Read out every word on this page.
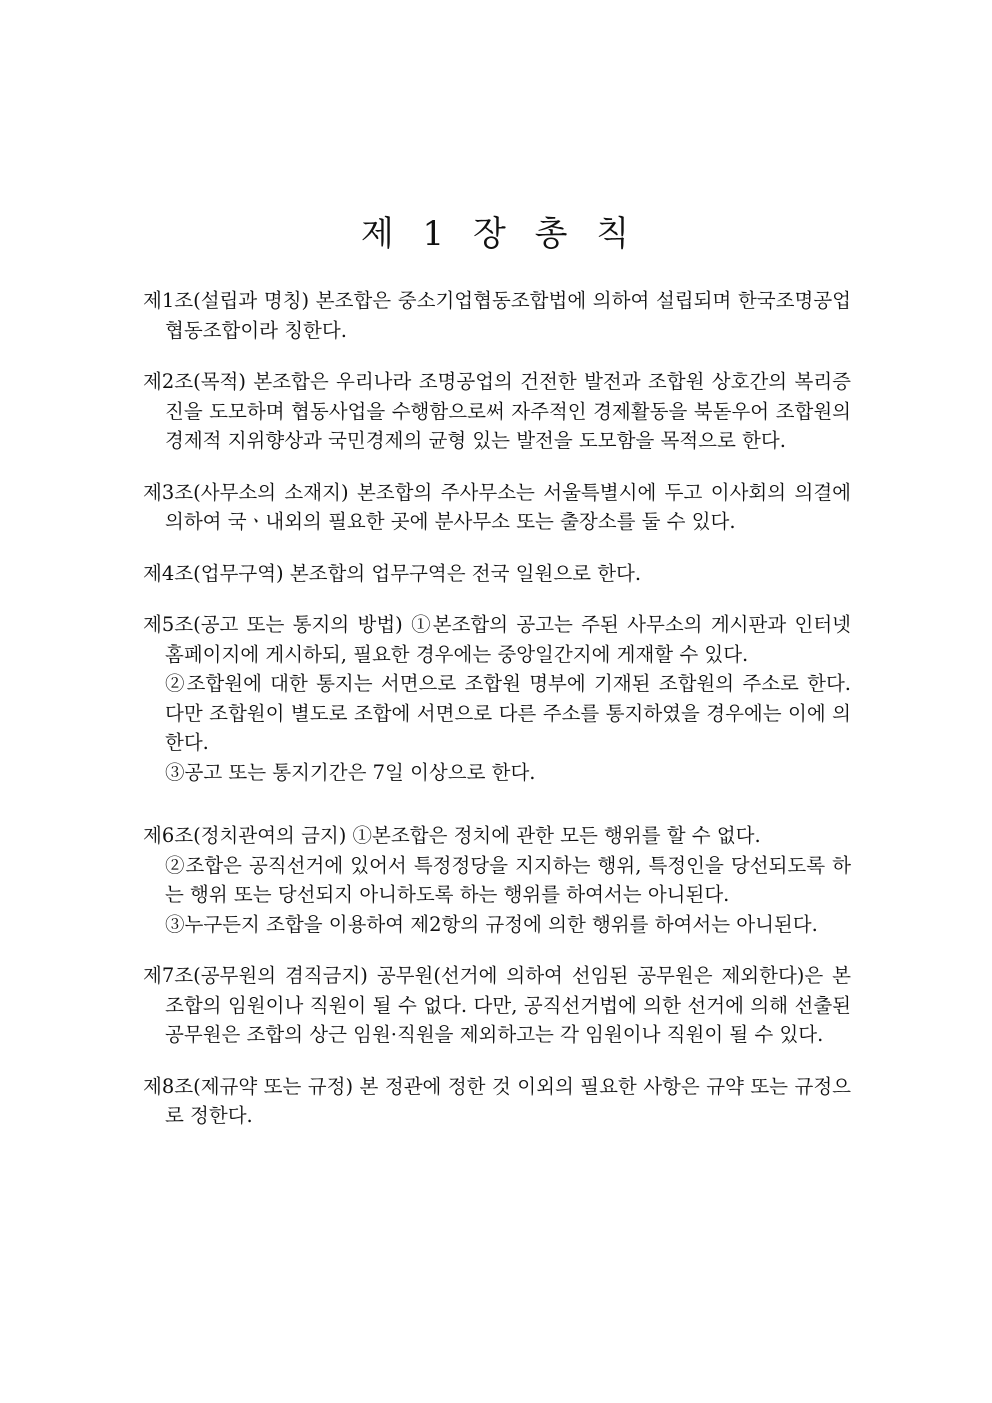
제 1 장 총 칙

제1조(설립과 명칭) 본조합은 중소기업협동조합법에 의하여 설립되며 한국조명공업협동조합이라 칭한다.

제2조(목적) 본조합은 우리나라 조명공업의 건전한 발전과 조합원 상호간의 복리증진을 도모하며 협동사업을 수행함으로써 자주적인 경제활동을 북돋우어 조합원의 경제적 지위향상과 국민경제의 균형 있는 발전을 도모함을 목적으로 한다.

제3조(사무소의 소재지) 본조합의 주사무소는 서울특별시에 두고 이사회의 의결에 의하여 국ㆍ내외의 필요한 곳에 분사무소 또는 출장소를 둘 수 있다.

제4조(업무구역) 본조합의 업무구역은 전국 일원으로 한다.

제5조(공고 또는 통지의 방법) ①본조합의 공고는 주된 사무소의 게시판과 인터넷 홈페이지에 게시하되, 필요한 경우에는 중앙일간지에 게재할 수 있다.

②조합원에 대한 통지는 서면으로 조합원 명부에 기재된 조합원의 주소로 한다. 다만 조합원이 별도로 조합에 서면으로 다른 주소를 통지하였을 경우에는 이에 의한다.

③공고 또는 통지기간은 7일 이상으로 한다.

제6조(정치관여의 금지) ①본조합은 정치에 관한 모든 행위를 할 수 없다.

②조합은 공직선거에 있어서 특정정당을 지지하는 행위, 특정인을 당선되도록 하는 행위 또는 당선되지 아니하도록 하는 행위를 하여서는 아니된다.

③누구든지 조합을 이용하여 제2항의 규정에 의한 행위를 하여서는 아니된다.

제7조(공무원의 겸직금지) 공무원(선거에 의하여 선임된 공무원은 제외한다)은 본 조합의 임원이나 직원이 될 수 없다. 다만, 공직선거법에 의한 선거에 의해 선출된 공무원은 조합의 상근 임원·직원을 제외하고는 각 임원이나 직원이 될 수 있다.

제8조(제규약 또는 규정) 본 정관에 정한 것 이외의 필요한 사항은 규약 또는 규정으로 정한다.
